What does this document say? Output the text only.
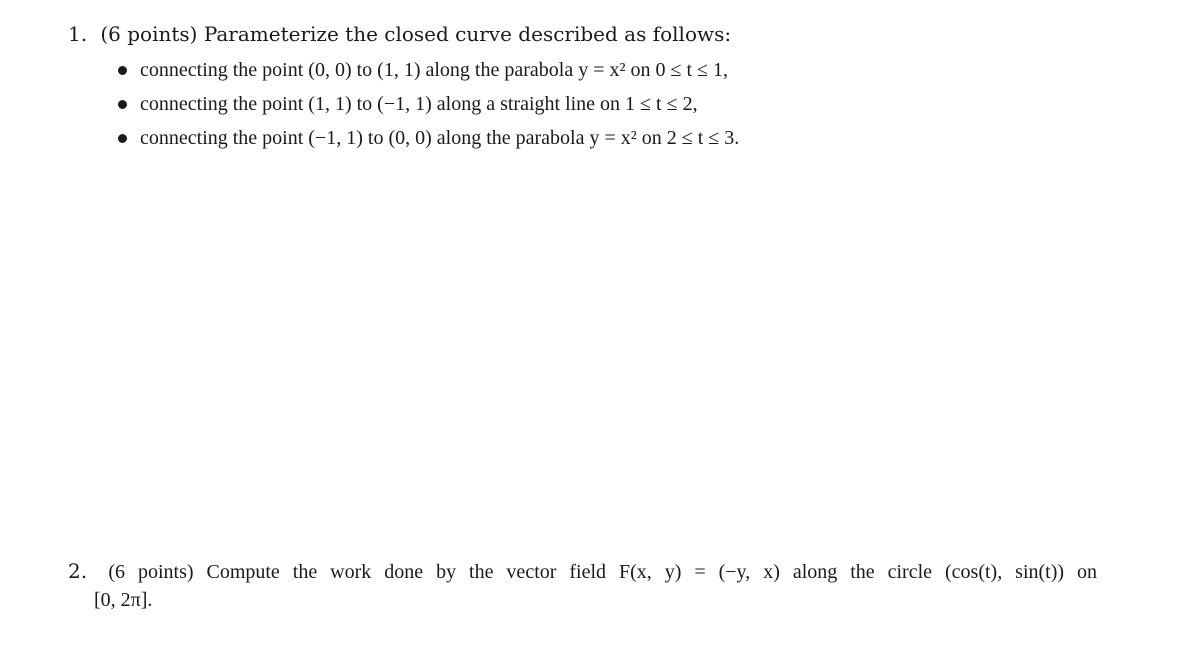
1. (6 points) Parameterize the closed curve described as follows:
connecting the point (0, 0) to (1, 1) along the parabola y = x² on 0 ≤ t ≤ 1,
connecting the point (1, 1) to (−1, 1) along a straight line on 1 ≤ t ≤ 2,
connecting the point (−1, 1) to (0, 0) along the parabola y = x² on 2 ≤ t ≤ 3.
2. (6 points) Compute the work done by the vector field F(x, y) = (−y, x) along the circle (cos(t), sin(t)) on
[0, 2π].
